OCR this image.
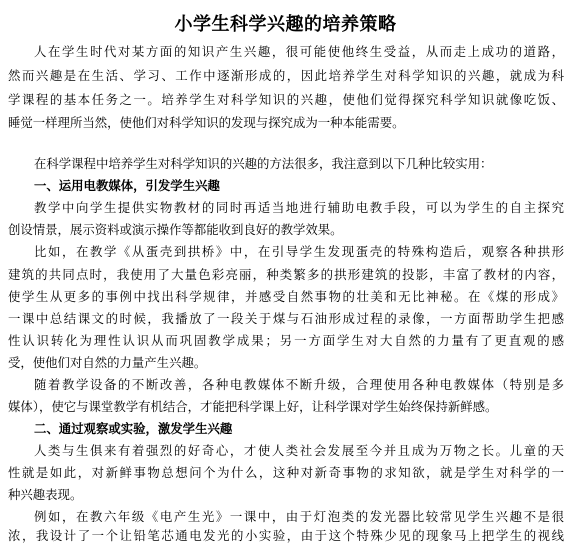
小学生科学兴趣的培养策略
人在学生时代对某方面的知识产生兴趣，很可能使他终生受益，从而走上成功的道路，
然而兴趣是在生活、学习、工作中逐渐形成的，因此培养学生对科学知识的兴趣，就成为科
学课程的基本任务之一。培养学生对科学知识的兴趣，使他们觉得探究科学知识就像吃饭、
睡觉一样理所当然，使他们对科学知识的发现与探究成为一种本能需要。
在科学课程中培养学生对科学知识的兴趣的方法很多，我注意到以下几种比较实用：
一、运用电教媒体，引发学生兴趣
教学中向学生提供实物教材的同时再适当地进行辅助电教手段，可以为学生的自主探究
创设情景，展示资料或演示操作等都能收到良好的教学效果。
比如，在教学《从蛋壳到拱桥》中，在引导学生发现蛋壳的特殊构造后，观察各种拱形
建筑的共同点时，我使用了大量色彩亮丽，种类繁多的拱形建筑的投影，丰富了教材的内容，
使学生从更多的事例中找出科学规律，并感受自然事物的壮美和无比神秘。在《煤的形成》
一课中总结课文的时候，我播放了一段关于煤与石油形成过程的录像，一方面帮助学生把感
性认识转化为理性认识从而巩固教学成果；另一方面学生对大自然的力量有了更直观的感
受，使他们对自然的力量产生兴趣。
随着教学设备的不断改善，各种电教媒体不断升级，合理使用各种电教媒体（特别是多
媒体），使它与课堂教学有机结合，才能把科学课上好，让科学课对学生始终保持新鲜感。
二、通过观察或实验，激发学生兴趣
人类与生俱来有着强烈的好奇心，才使人类社会发展至今并且成为万物之长。儿童的天
性就是如此，对新鲜事物总想问个为什么，这种对新奇事物的求知欲，就是学生对科学的一
种兴趣表现。
例如，在教六年级《电产生光》一课中，由于灯泡类的发光器比较常见学生兴趣不是很
浓，我设计了一个让铅笔芯通电发光的小实验，由于这个特殊少见的现象马上把学生的视线
